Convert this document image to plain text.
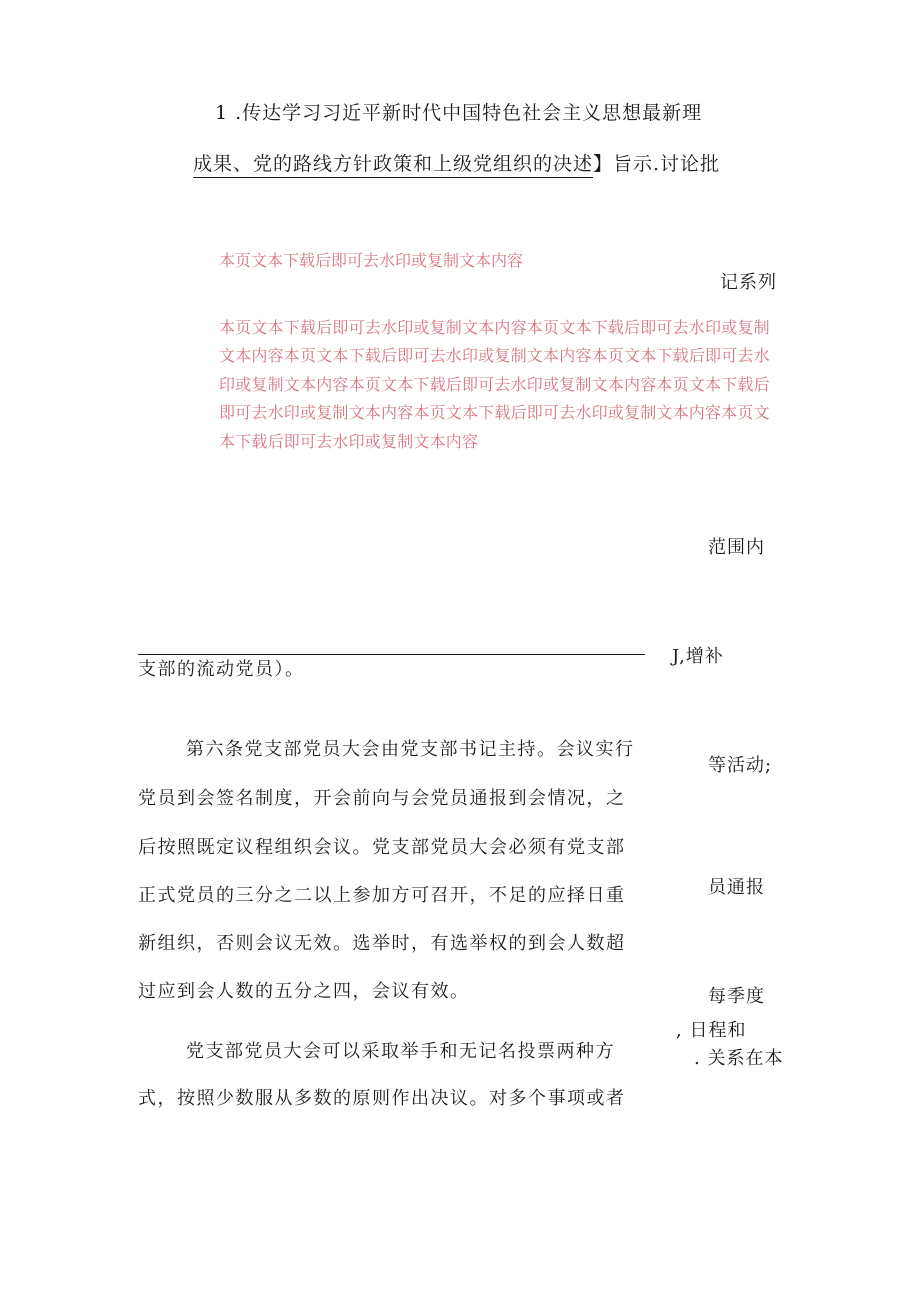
1 .传达学习习近平新时代中国特色社会主义思想最新理
成果、党的路线方针政策和上级党组织的决述】旨示.讨论批
本页文本下载后即可去水印或复制文本内容
记系列
本页文本下载后即可去水印或复制文本内容本页文本下载后即可去水印或复制文本内容本页文本下载后即可去水印或复制文本内容本页文本下载后即可去水印或复制文本内容本页文本下载后即可去水印或复制文本内容本页文本下载后即可去水印或复制文本内容本页文本下载后即可去水印或复制文本内容本页文本下载后即可去水印或复制文本内容
范围内
J,增补
支部的流动党员）。
第六条党支部党员大会由党支部书记主持。会议实行
党员到会签名制度，开会前向与会党员通报到会情况，之
后按照既定议程组织会议。党支部党员大会必须有党支部
正式党员的三分之二以上参加方可召开，不足的应择日重
新组织，否则会议无效。选举时，有选举权的到会人数超
过应到会人数的五分之四，会议有效。
等活动;
员通报
每季度
, 日程和
. 关系在本
党支部党员大会可以采取举手和无记名投票两种方
式，按照少数服从多数的原则作出决议。对多个事项或者
